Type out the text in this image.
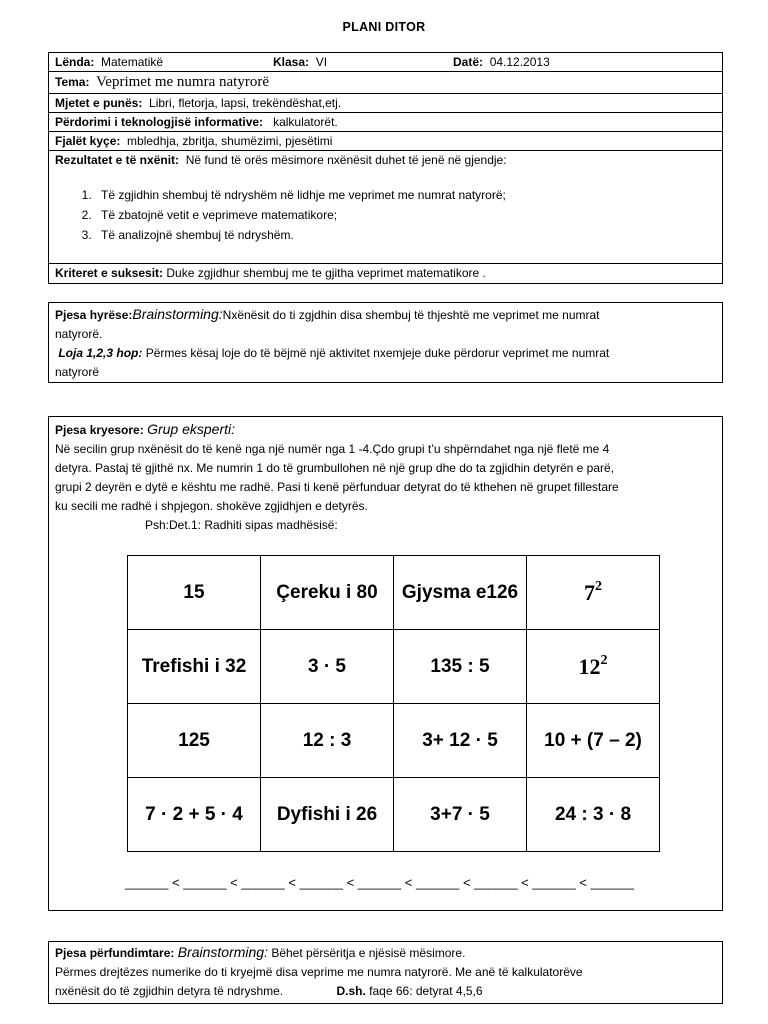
PLANI DITOR
Lënda: Matematikë	Klasa: VI	Datë: 04.12.2013
Tema: Veprimet me numra natyrorë
Mjetet e punës: Libri, fletorja, lapsi, trekëndëshat,etj.
Përdorimi i teknologjisë informative: kalkulatorët.
Fjalët kyçe: mbledhja, zbritja, shumëzimi, pjesëtimi
Rezultatet e të nxënit: Në fund të orës mësimore nxënësit duhet të jenë në gjendje:
1. Të zgjidhin shembuj të ndryshëm në lidhje me veprimet me numrat natyrorë;
2. Të zbatojnë vetit e veprimeve matematikore;
3. Të analizojnë shembuj të ndryshëm.
Kriteret e suksesit: Duke zgjidhur shembuj me te gjitha veprimet matematikore .
Pjesa hyrëse:Brainstorming:Nxënësit do ti zgjdhin disa shembuj të thjeshtë me veprimet me numrat
natyrorë.
Loja 1,2,3 hop: Përmes kësaj loje do të bëjmë një aktivitet nxemjeje duke përdorur veprimet me numrat
natyrorë
Pjesa kryesore: Grup eksperti:
Në secilin grup nxënësit do të kenë nga një numër nga 1 -4.Çdo grupi t’u shpërndahet nga një fletë me 4
detyra. Pastaj të gjithë nx. Me numrin 1 do të grumbullohen në një grup dhe do ta zgjidhin detyrën e parë,
grupi 2 deyrën e dytë e kështu me radhë. Pasi ti kenë përfunduar detyrat do të kthehen në grupet fillestare
ku secili me radhë i shpjegon. shokëve zgjidhjen e detyrës.
Psh:Det.1: Radhiti sipas madhësisë:
15	Çereku i 80	Gjysma e126	$7^2$
Trefishi i 32	3 · 5	135 : 5	$12^2$
125	12 : 3	3+ 12 · 5	10 + (7 – 2)
7 · 2 + 5 · 4	Dyfishi i 26	3+7 · 5	24 : 3 · 8
______ < ______ < ______ < ______ < ______ < ______ < ______ < ______ < ______
Pjesa përfundimtare: Brainstorming: Bëhet përsëritja e njësisë mësimore.
Përmes drejtëzes numerike do ti kryejmë disa veprime me numra natyrorë. Me anë të kalkulatorëve
nxënësit do të zgjidhin detyra të ndryshme.	D.sh. faqe 66: detyrat 4,5,6
